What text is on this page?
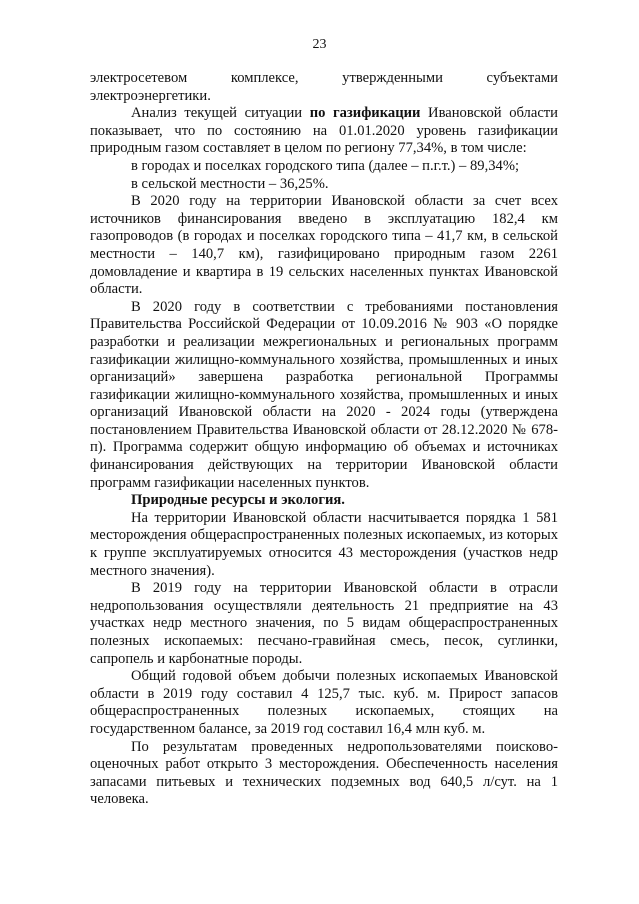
23

электросетевом комплексе, утвержденными субъектами электроэнергетики.

Анализ текущей ситуации по газификации Ивановской области показывает, что по состоянию на 01.01.2020 уровень газификации природным газом составляет в целом по региону 77,34%, в том числе:

в городах и поселках городского типа (далее – п.г.т.) – 89,34%;

в сельской местности – 36,25%.

В 2020 году на территории Ивановской области за счет всех источников финансирования введено в эксплуатацию 182,4 км газопроводов (в городах и поселках городского типа – 41,7 км, в сельской местности – 140,7 км), газифицировано природным газом 2261 домовладение и квартира в 19 сельских населенных пунктах Ивановской области.

В 2020 году в соответствии с требованиями постановления Правительства Российской Федерации от 10.09.2016 № 903 «О порядке разработки и реализации межрегиональных и региональных программ газификации жилищно-коммунального хозяйства, промышленных и иных организаций» завершена разработка региональной Программы газификации жилищно-коммунального хозяйства, промышленных и иных организаций Ивановской области на 2020 - 2024 годы (утверждена постановлением Правительства Ивановской области от 28.12.2020 № 678-п). Программа содержит общую информацию об объемах и источниках финансирования действующих на территории Ивановской области программ газификации населенных пунктов.

Природные ресурсы и экология.

На территории Ивановской области насчитывается порядка 1 581 месторождения общераспространенных полезных ископаемых, из которых к группе эксплуатируемых относится 43 месторождения (участков недр местного значения).

В 2019 году на территории Ивановской области в отрасли недропользования осуществляли деятельность 21 предприятие на 43 участках недр местного значения, по 5 видам общераспространенных полезных ископаемых: песчано-гравийная смесь, песок, суглинки, сапропель и карбонатные породы.

Общий годовой объем добычи полезных ископаемых Ивановской области в 2019 году составил 4 125,7 тыс. куб. м. Прирост запасов общераспространенных полезных ископаемых, стоящих на государственном балансе, за 2019 год составил 16,4 млн куб. м.

По результатам проведенных недропользователями поисково-оценочных работ открыто 3 месторождения. Обеспеченность населения запасами питьевых и технических подземных вод 640,5 л/сут. на 1 человека.
